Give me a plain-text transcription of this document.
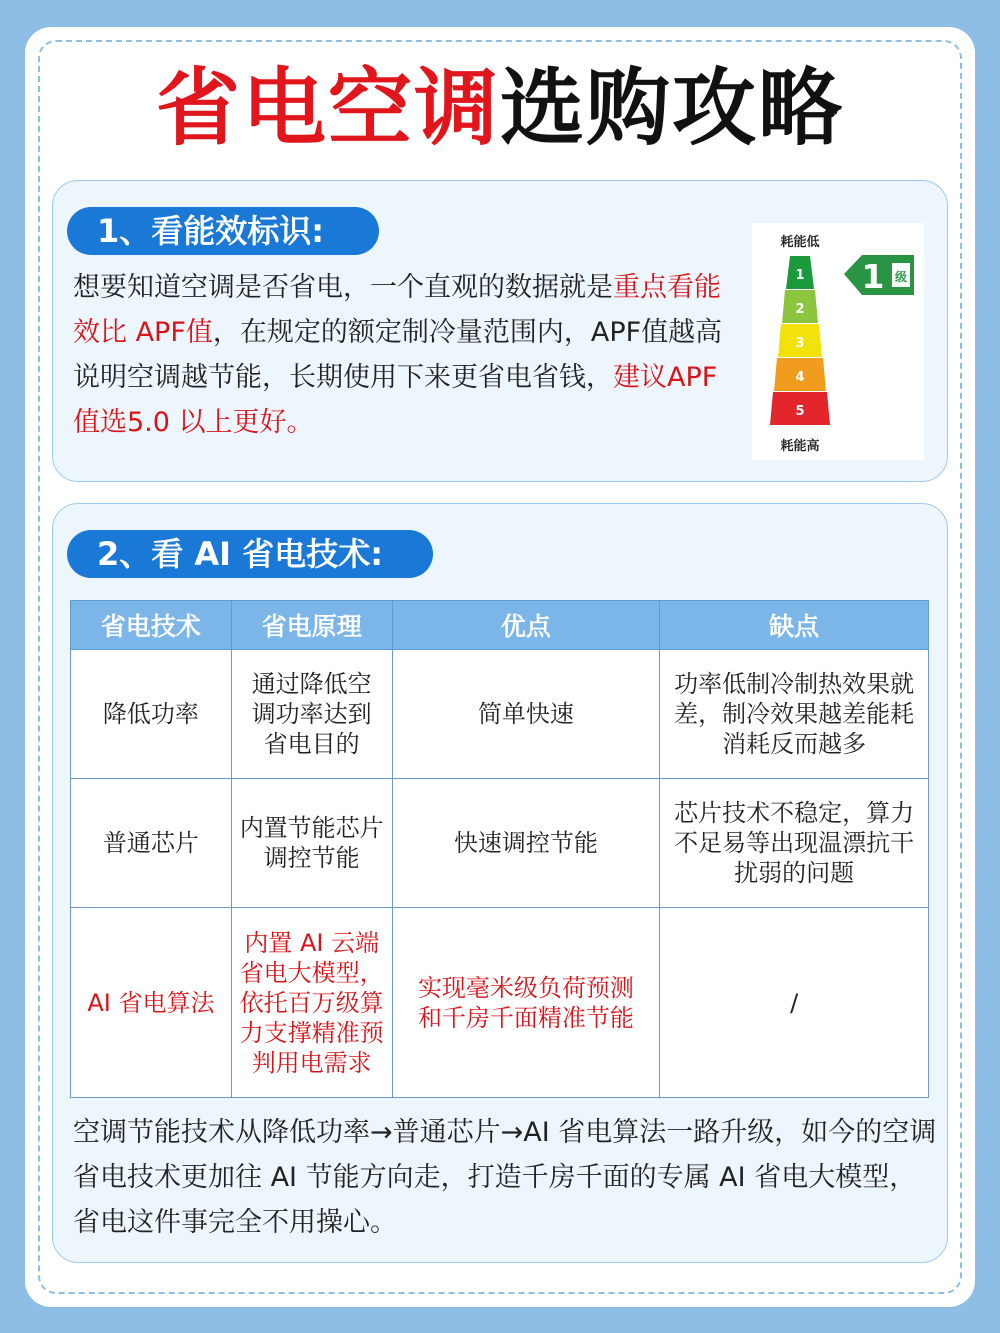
省电空调选购攻略
1、看能效标识:
想要知道空调是否省电，一个直观的数据就是重点看能效比 APF值，在规定的额定制冷量范围内，APF值越高说明空调越节能，长期使用下来更省电省钱，建议APF值选5.0 以上更好。
耗能低
1
2
3
4
5
1 级
耗能高
2、看 AI 省电技术:
省电技术	省电原理	优点	缺点
降低功率	通过降低空调功率达到省电目的	简单快速	功率低制冷制热效果就差，制冷效果越差能耗消耗反而越多
普通芯片	内置节能芯片调控节能	快速调控节能	芯片技术不稳定，算力不足易等出现温漂抗干扰弱的问题
AI 省电算法	内置 AI 云端省电大模型，依托百万级算力支撑精准预判用电需求	实现毫米级负荷预测和千房千面精准节能	/
空调节能技术从降低功率→普通芯片→AI 省电算法一路升级，如今的空调省电技术更加往 AI 节能方向走，打造千房千面的专属 AI 省电大模型，省电这件事完全不用操心。
